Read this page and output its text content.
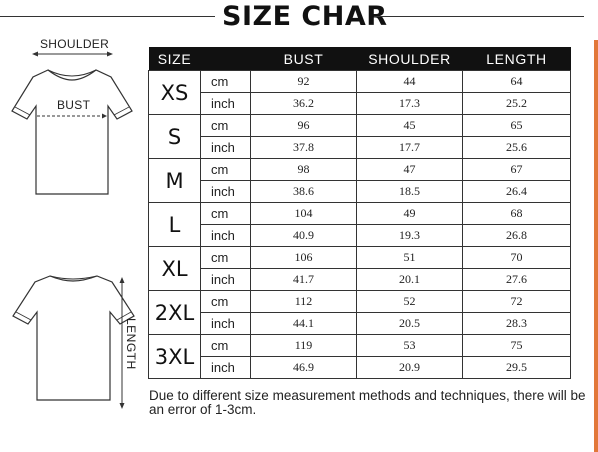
SIZE CHAR
SHOULDER
BUST
LENGTH
SIZE		BUST	SHOULDER	LENGTH
XS	cm	92	44	64
	inch	36.2	17.3	25.2
S	cm	96	45	65
	inch	37.8	17.7	25.6
M	cm	98	47	67
	inch	38.6	18.5	26.4
L	cm	104	49	68
	inch	40.9	19.3	26.8
XL	cm	106	51	70
	inch	41.7	20.1	27.6
2XL	cm	112	52	72
	inch	44.1	20.5	28.3
3XL	cm	119	53	75
	inch	46.9	20.9	29.5
Due to different size measurement methods and techniques, there will be an error of 1-3cm.
